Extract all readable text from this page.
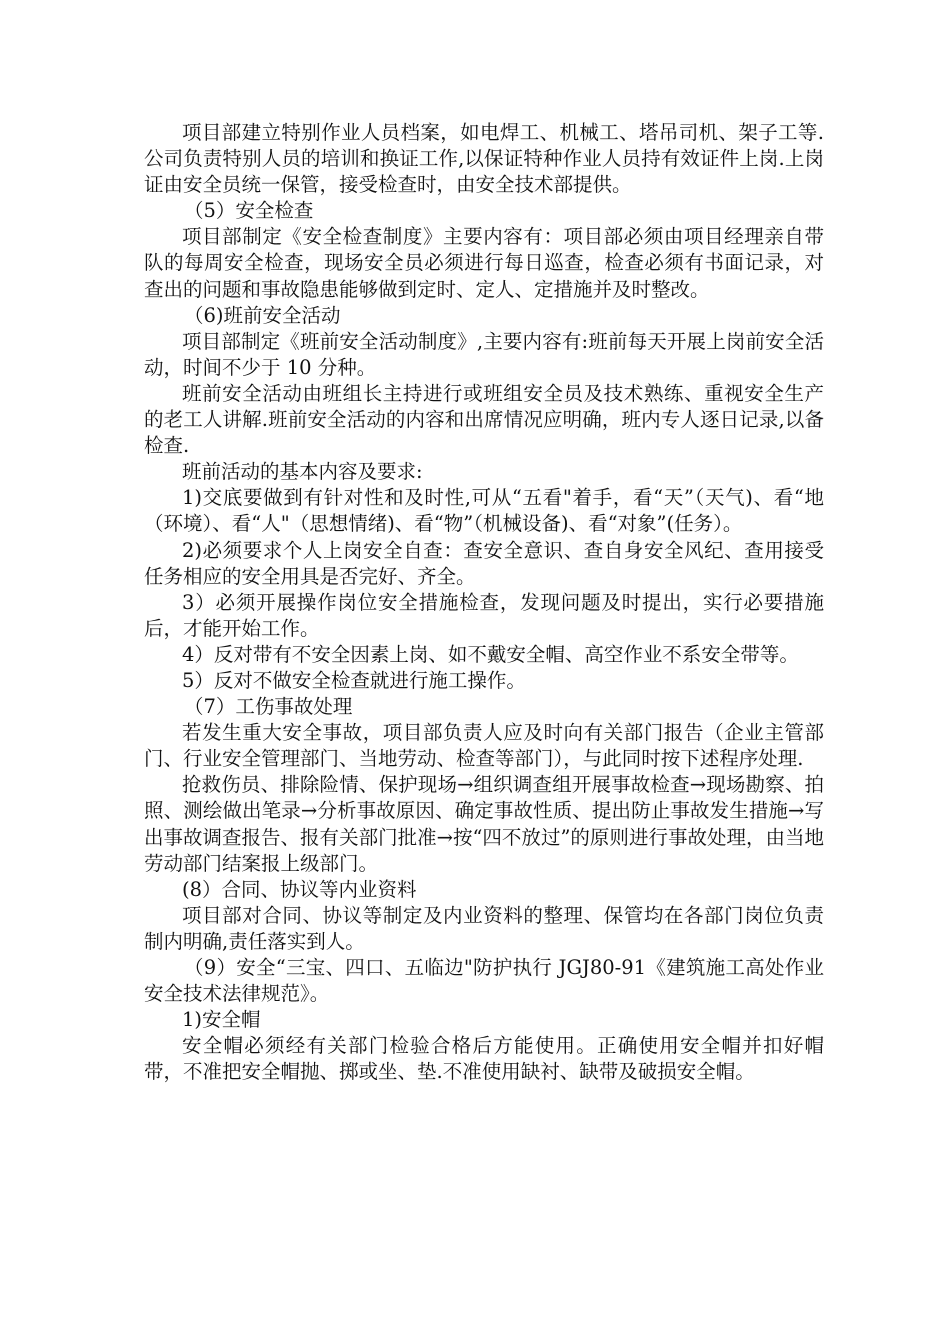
项目部建立特别作业人员档案，如电焊工、机械工、塔吊司机、架子工等.公司负责特别人员的培训和换证工作,以保证特种作业人员持有效证件上岗.上岗证由安全员统一保管，接受检查时，由安全技术部提供。

（5）安全检查

项目部制定《安全检查制度》主要内容有：项目部必须由项目经理亲自带队的每周安全检查，现场安全员必须进行每日巡查，检查必须有书面记录，对查出的问题和事故隐患能够做到定时、定人、定措施并及时整改。

（6)班前安全活动

项目部制定《班前安全活动制度》,主要内容有:班前每天开展上岗前安全活动，时间不少于 10 分种。

班前安全活动由班组长主持进行或班组安全员及技术熟练、重视安全生产的老工人讲解.班前安全活动的内容和出席情况应明确，班内专人逐日记录,以备检查.

班前活动的基本内容及要求:

1)交底要做到有针对性和及时性,可从“五看"着手，看“天”（天气)、看“地（环境）、看“人"（思想情绪)、看“物”（机械设备)、看“对象”(任务）。

2)必须要求个人上岗安全自查：查安全意识、查自身安全风纪、查用接受任务相应的安全用具是否完好、齐全。

3）必须开展操作岗位安全措施检查，发现问题及时提出，实行必要措施后，才能开始工作。

4）反对带有不安全因素上岗、如不戴安全帽、高空作业不系安全带等。

5）反对不做安全检查就进行施工操作。

（7）工伤事故处理

若发生重大安全事故，项目部负责人应及时向有关部门报告（企业主管部门、行业安全管理部门、当地劳动、检查等部门），与此同时按下述程序处理.

抢救伤员、排除险情、保护现场→组织调查组开展事故检查→现场勘察、拍照、测绘做出笔录→分析事故原因、确定事故性质、提出防止事故发生措施→写出事故调查报告、报有关部门批准→按“四不放过”的原则进行事故处理，由当地劳动部门结案报上级部门。

(8）合同、协议等内业资料

项目部对合同、协议等制定及内业资料的整理、保管均在各部门岗位负责制内明确,责任落实到人。

（9）安全“三宝、四口、五临边"防护执行 JGJ80-91《建筑施工高处作业安全技术法律规范》。

1)安全帽

安全帽必须经有关部门检验合格后方能使用。正确使用安全帽并扣好帽带，不准把安全帽抛、掷或坐、垫.不准使用缺衬、缺带及破损安全帽。
